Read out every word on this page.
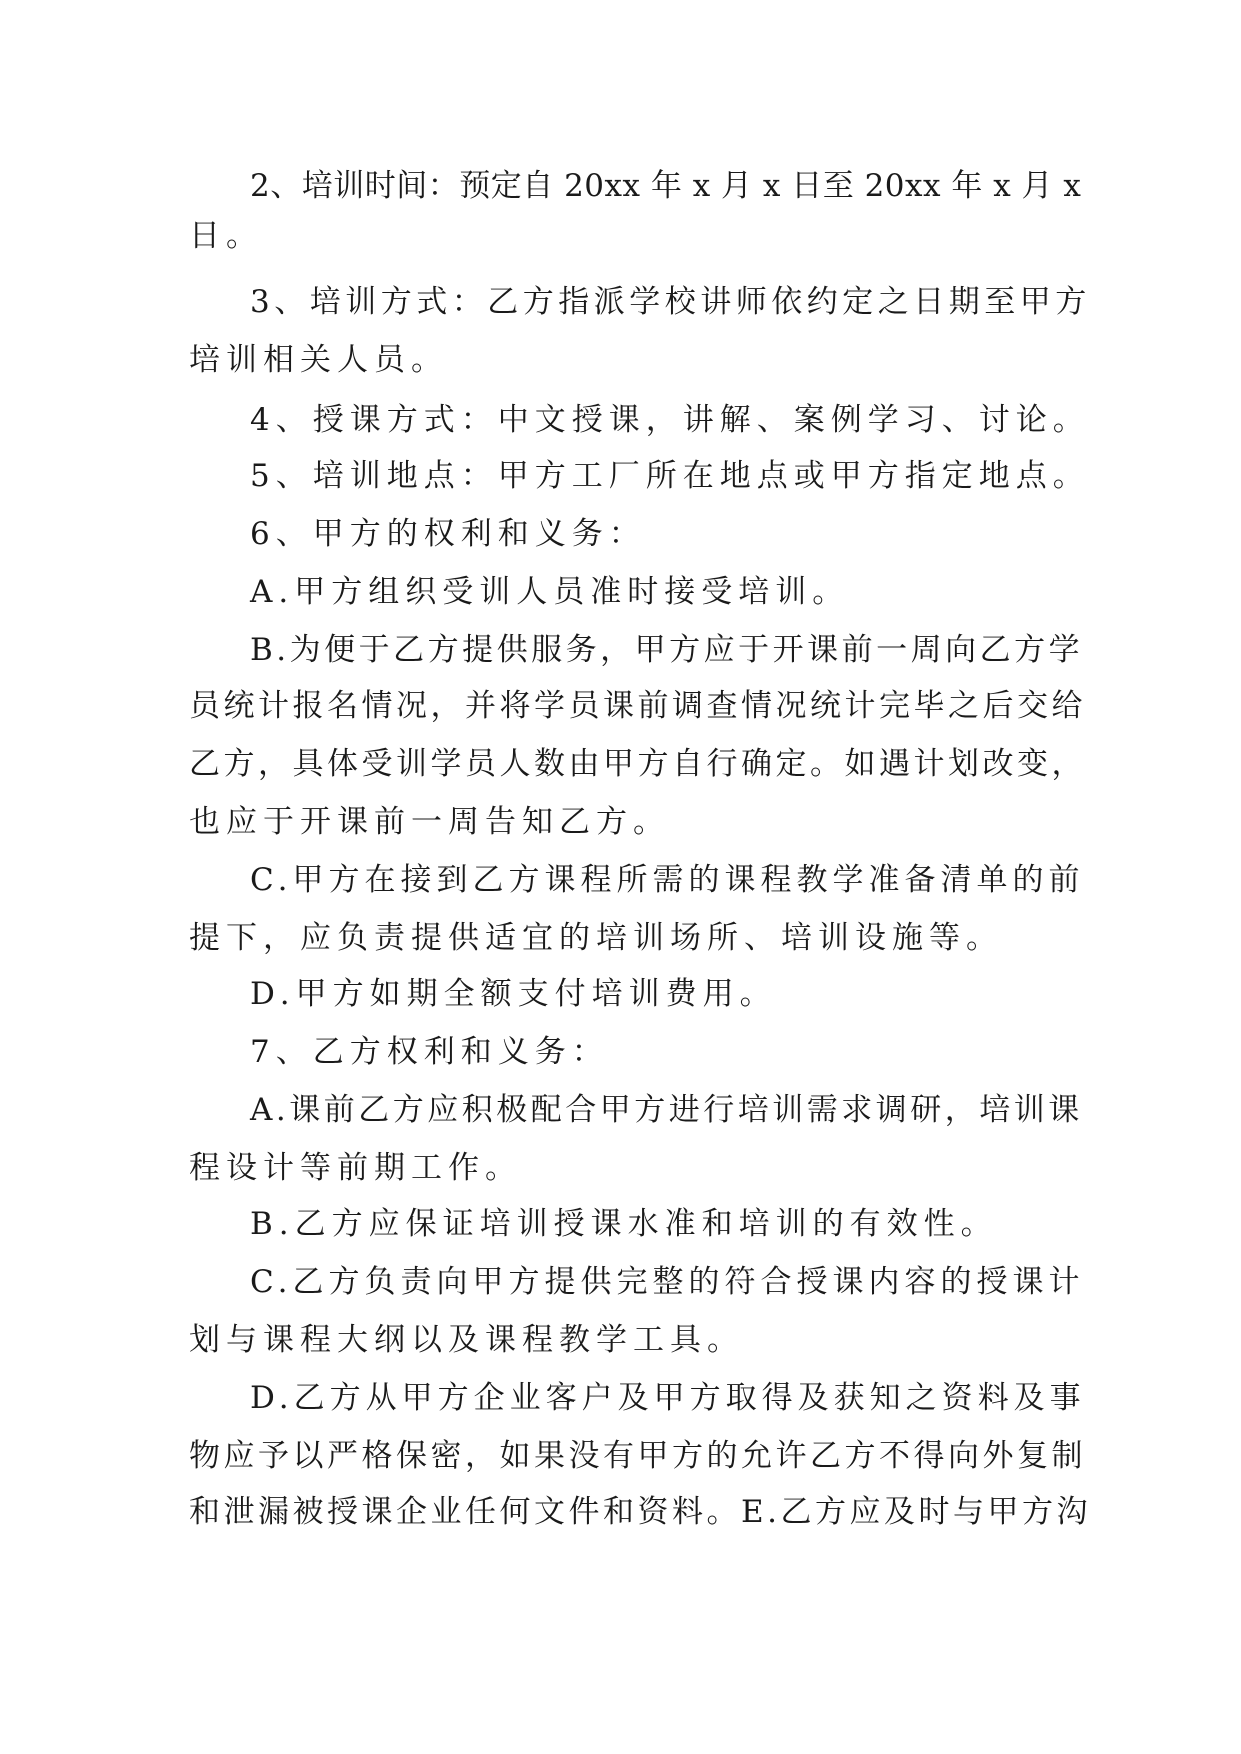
2、培训时间：预定自 20xx 年 x 月 x 日至 20xx 年 x 月 x
日。
3、培训方式：乙方指派学校讲师依约定之日期至甲方
培训相关人员。
4、授课方式：中文授课，讲解、案例学习、讨论。
5、培训地点：甲方工厂所在地点或甲方指定地点。
6、甲方的权利和义务：
A.甲方组织受训人员准时接受培训。
B.为便于乙方提供服务，甲方应于开课前一周向乙方学
员统计报名情况，并将学员课前调查情况统计完毕之后交给
乙方，具体受训学员人数由甲方自行确定。如遇计划改变，
也应于开课前一周告知乙方。
C.甲方在接到乙方课程所需的课程教学准备清单的前
提下，应负责提供适宜的培训场所、培训设施等。
D.甲方如期全额支付培训费用。
7、乙方权利和义务：
A.课前乙方应积极配合甲方进行培训需求调研，培训课
程设计等前期工作。
B.乙方应保证培训授课水准和培训的有效性。
C.乙方负责向甲方提供完整的符合授课内容的授课计
划与课程大纲以及课程教学工具。
D.乙方从甲方企业客户及甲方取得及获知之资料及事
物应予以严格保密，如果没有甲方的允许乙方不得向外复制
和泄漏被授课企业任何文件和资料。E.乙方应及时与甲方沟
